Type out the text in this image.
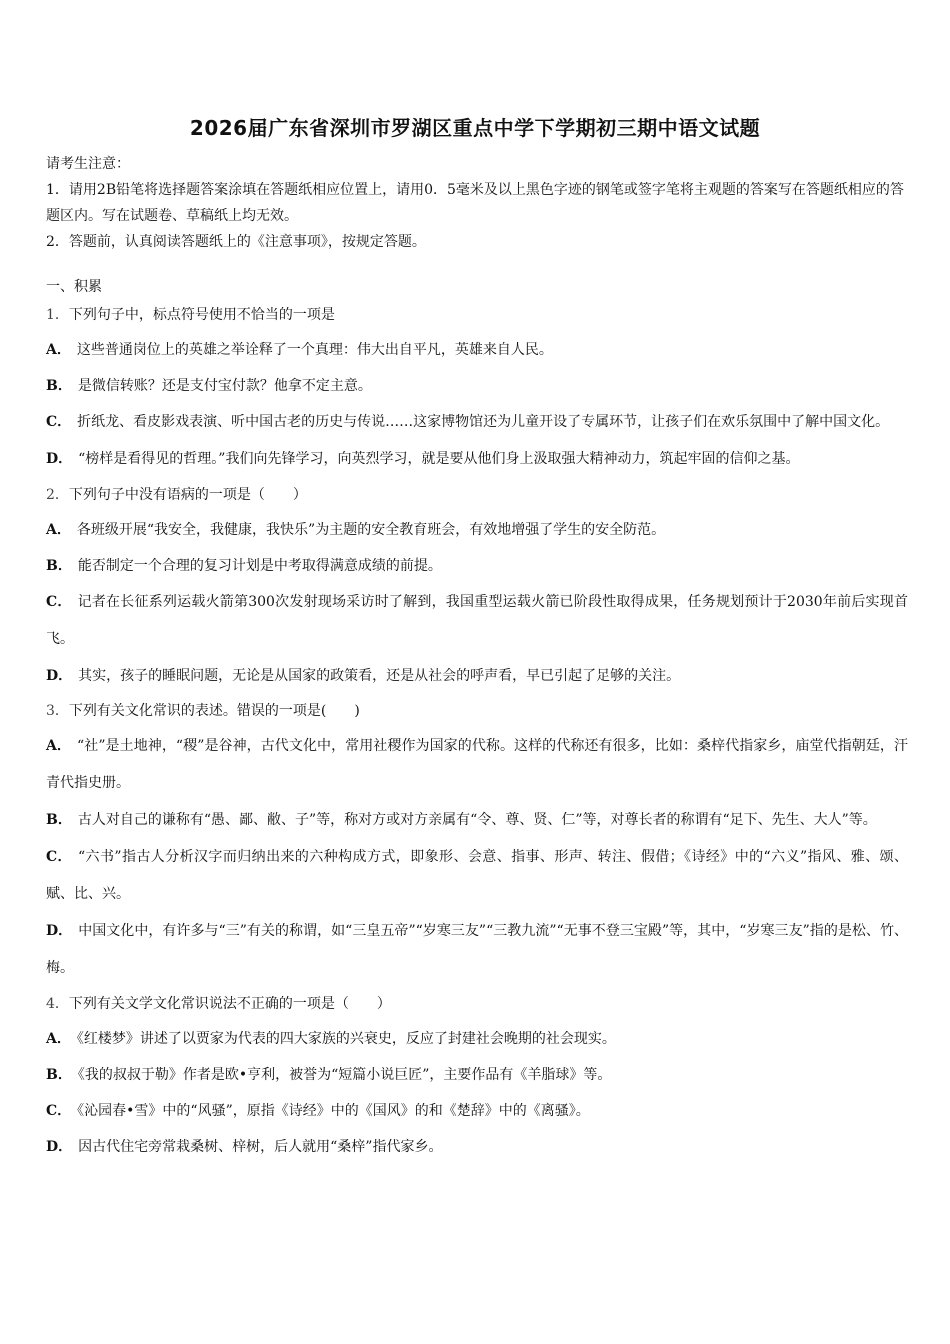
2026届广东省深圳市罗湖区重点中学下学期初三期中语文试题

请考生注意：

1．请用2B铅笔将选择题答案涂填在答题纸相应位置上，请用0．5毫米及以上黑色字迹的钢笔或签字笔将主观题的答案写在答题纸相应的答题区内。写在试题卷、草稿纸上均无效。

2．答题前，认真阅读答题纸上的《注意事项》，按规定答题。

一、积累
1．下列句子中，标点符号使用不恰当的一项是
A． 这些普通岗位上的英雄之举诠释了一个真理：伟大出自平凡，英雄来自人民。
B． 是微信转账？还是支付宝付款？他拿不定主意。
C． 折纸龙、看皮影戏表演、听中国古老的历史与传说……这家博物馆还为儿童开设了专属环节，让孩子们在欢乐氛围中了解中国文化。
D． “榜样是看得见的哲理。”我们向先锋学习，向英烈学习，就是要从他们身上汲取强大精神动力，筑起牢固的信仰之基。
2．下列句子中没有语病的一项是（　　）
A． 各班级开展“我安全，我健康，我快乐”为主题的安全教育班会，有效地增强了学生的安全防范。
B． 能否制定一个合理的复习计划是中考取得满意成绩的前提。
C． 记者在长征系列运载火箭第300次发射现场采访时了解到，我国重型运载火箭已阶段性取得成果，任务规划预计于2030年前后实现首飞。
D． 其实，孩子的睡眠问题，无论是从国家的政策看，还是从社会的呼声看，早已引起了足够的关注。
3．下列有关文化常识的表述。错误的一项是(　　)
A． “社”是土地神，“稷”是谷神，古代文化中，常用社稷作为国家的代称。这样的代称还有很多，比如：桑梓代指家乡，庙堂代指朝廷，汗青代指史册。
B． 古人对自己的谦称有“愚、鄙、敝、子”等，称对方或对方亲属有“令、尊、贤、仁”等，对尊长者的称谓有“足下、先生、大人”等。
C． “六书”指古人分析汉字而归纳出来的六种构成方式，即象形、会意、指事、形声、转注、假借；《诗经》中的“六义”指风、雅、颂、赋、比、兴。
D． 中国文化中，有许多与“三”有关的称谓，如“三皇五帝”“岁寒三友”“三教九流”“无事不登三宝殿”等，其中，“岁寒三友”指的是松、竹、梅。
4．下列有关文学文化常识说法不正确的一项是（　　）
A． 《红楼梦》讲述了以贾家为代表的四大家族的兴衰史，反应了封建社会晚期的社会现实。
B． 《我的叔叔于勒》作者是欧•亨利，被誉为“短篇小说巨匠”，主要作品有《羊脂球》等。
C． 《沁园春•雪》中的“风骚”，原指《诗经》中的《国风》的和《楚辞》中的《离骚》。
D． 因古代住宅旁常栽桑树、梓树，后人就用“桑梓”指代家乡。
